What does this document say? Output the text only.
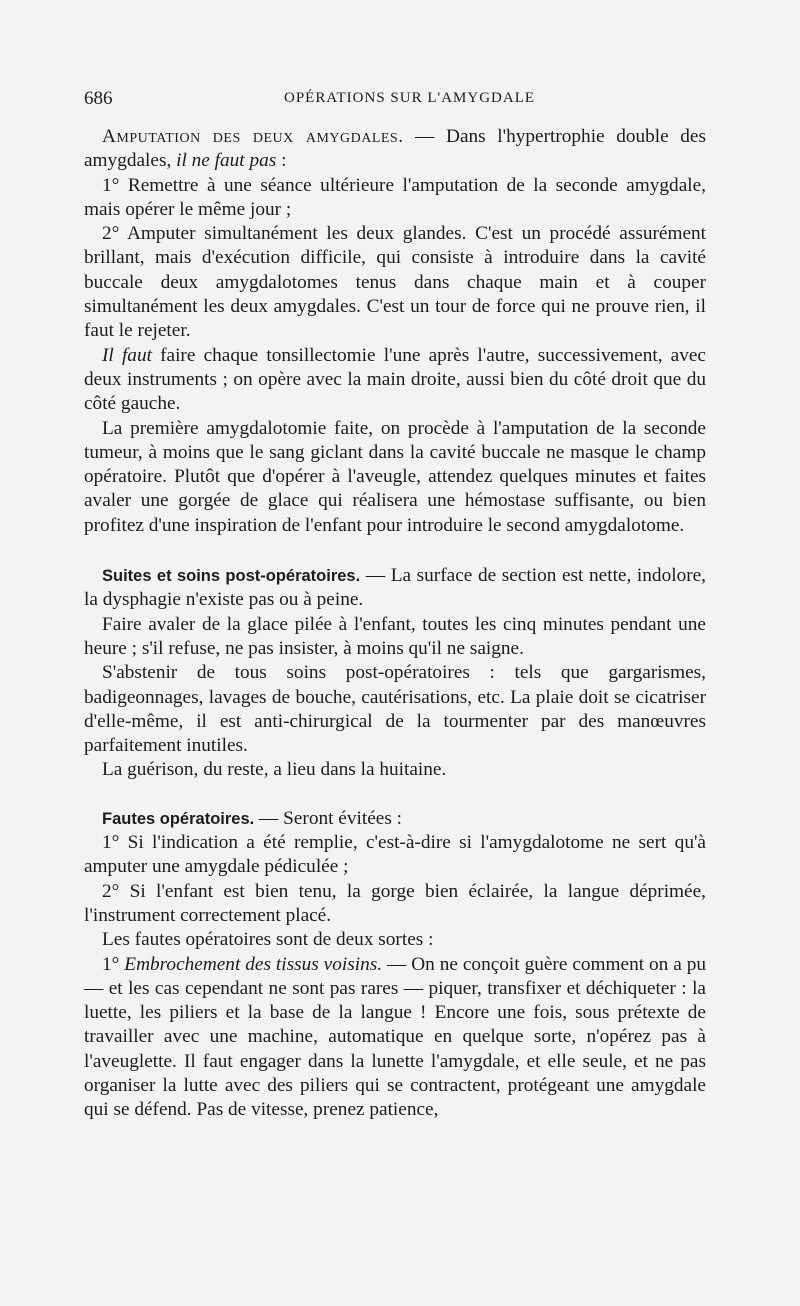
686	OPÉRATIONS SUR L'AMYGDALE

Amputation des deux amygdales. — Dans l'hypertrophie double des amygdales, il ne faut pas :

1° Remettre à une séance ultérieure l'amputation de la seconde amygdale, mais opérer le même jour ;

2° Amputer simultanément les deux glandes. C'est un procédé assurément brillant, mais d'exécution difficile, qui consiste à introduire dans la cavité buccale deux amygdalotomes tenus dans chaque main et à couper simultanément les deux amygdales. C'est un tour de force qui ne prouve rien, il faut le rejeter.

Il faut faire chaque tonsillectomie l'une après l'autre, successivement, avec deux instruments ; on opère avec la main droite, aussi bien du côté droit que du côté gauche.

La première amygdalotomie faite, on procède à l'amputation de la seconde tumeur, à moins que le sang giclant dans la cavité buccale ne masque le champ opératoire. Plutôt que d'opérer à l'aveugle, attendez quelques minutes et faites avaler une gorgée de glace qui réalisera une hémostase suffisante, ou bien profitez d'une inspiration de l'enfant pour introduire le second amygdalotome.

Suites et soins post-opératoires. — La surface de section est nette, indolore, la dysphagie n'existe pas ou à peine.

Faire avaler de la glace pilée à l'enfant, toutes les cinq minutes pendant une heure ; s'il refuse, ne pas insister, à moins qu'il ne saigne.

S'abstenir de tous soins post-opératoires : tels que gargarismes, badigeonnages, lavages de bouche, cautérisations, etc. La plaie doit se cicatriser d'elle-même, il est anti-chirurgical de la tourmenter par des manœuvres parfaitement inutiles.

La guérison, du reste, a lieu dans la huitaine.

Fautes opératoires. — Seront évitées :

1° Si l'indication a été remplie, c'est-à-dire si l'amygdalotome ne sert qu'à amputer une amygdale pédiculée ;

2° Si l'enfant est bien tenu, la gorge bien éclairée, la langue déprimée, l'instrument correctement placé.

Les fautes opératoires sont de deux sortes :

1° Embrochement des tissus voisins. — On ne conçoit guère comment on a pu — et les cas cependant ne sont pas rares — piquer, transfixer et déchiqueter : la luette, les piliers et la base de la langue ! Encore une fois, sous prétexte de travailler avec une machine, automatique en quelque sorte, n'opérez pas à l'aveuglette. Il faut engager dans la lunette l'amygdale, et elle seule, et ne pas organiser la lutte avec des piliers qui se contractent, protégeant une amygdale qui se défend. Pas de vitesse, prenez patience,
